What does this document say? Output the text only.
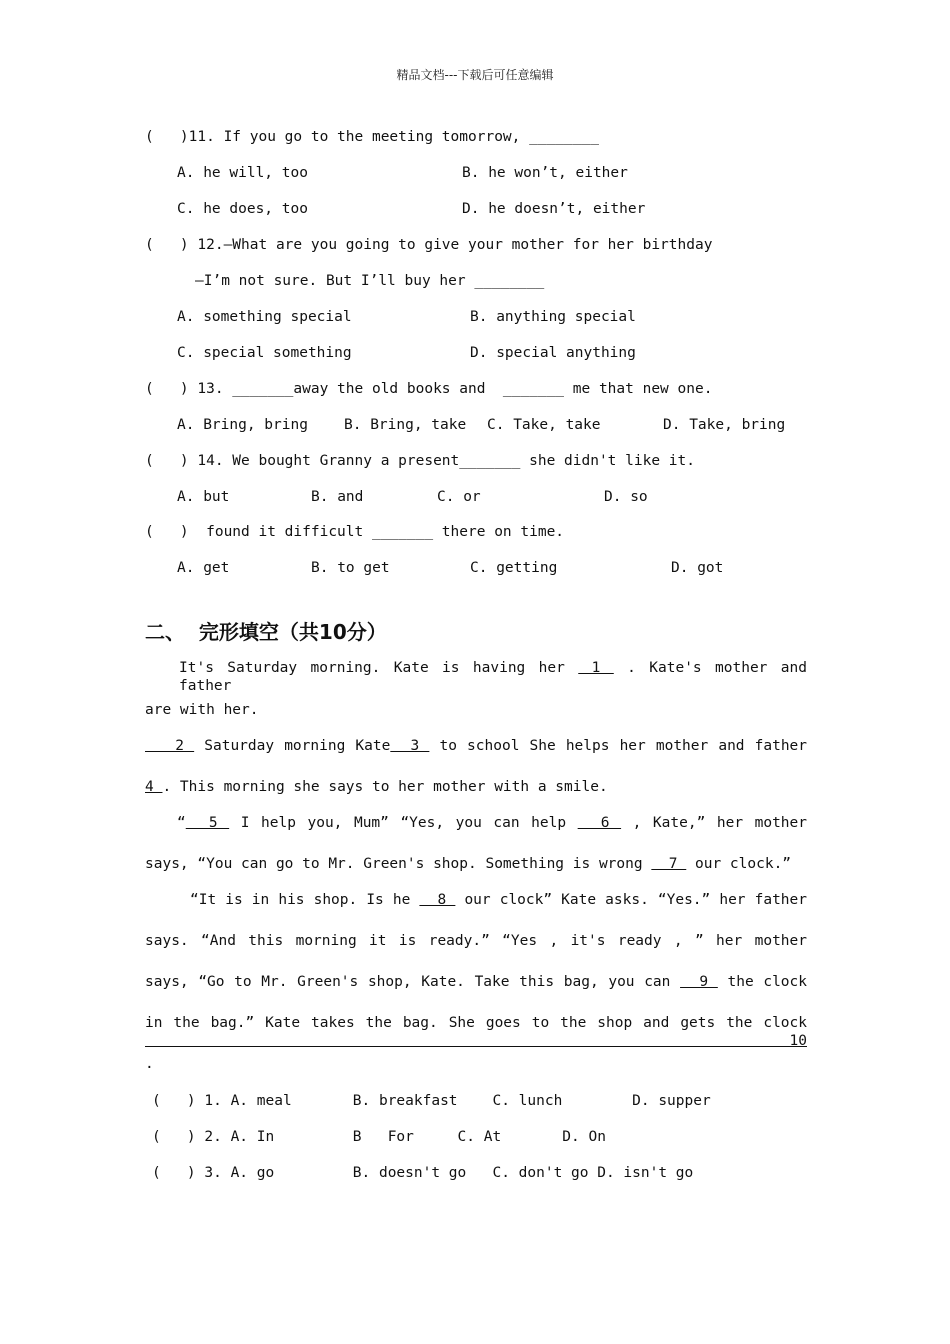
精品文档---下载后可任意编辑
(   )11. If you go to the meeting tomorrow, ________
A. he will, too	B. he won’t, either
C. he does, too	D. he doesn’t, either
(   ) 12.—What are you going to give your mother for her birthday
—I’m not sure. But I’ll buy her ________
A. something special	B. anything special
C. special something	D. special anything
(   ) 13. _______away the old books and  _______ me that new one.
A. Bring, bring B. Bring, take C. Take, take	D. Take, bring
(   ) 14. We bought Granny a present_______ she didn't like it.
A. but	B. and	C. or	D. so
(   )  found it difficult _______ there on time.
A. get	B. to get	C. getting	D. got
二、  完形填空（共10分）
It's Saturday morning. Kate is having her  1  . Kate's mother and father
are with her.
2  Saturday morning Kate  3  to school She helps her mother and father
4 . This morning she says to her mother with a smile.
“  5  I help you, Mum” “Yes, you can help   6  , Kate,” her mother
says, “You can go to Mr. Green's shop. Something is wrong   7  our clock.”
“It is in his shop. Is he   8  our clock” Kate asks. “Yes.” her father
says. “And this morning it is ready.” “Yes , it's ready , ” her mother
says, “Go to Mr. Green's shop, Kate. Take this bag, you can   9  the clock
in the bag.” Kate takes the bag. She goes to the shop and gets the clock   10
.
(   ) 1. A. meal       B. breakfast    C. lunch        D. supper
(   ) 2. A. In         B   For     C. At       D. On
(   ) 3. A. go         B. doesn't go   C. don't go D. isn't go
